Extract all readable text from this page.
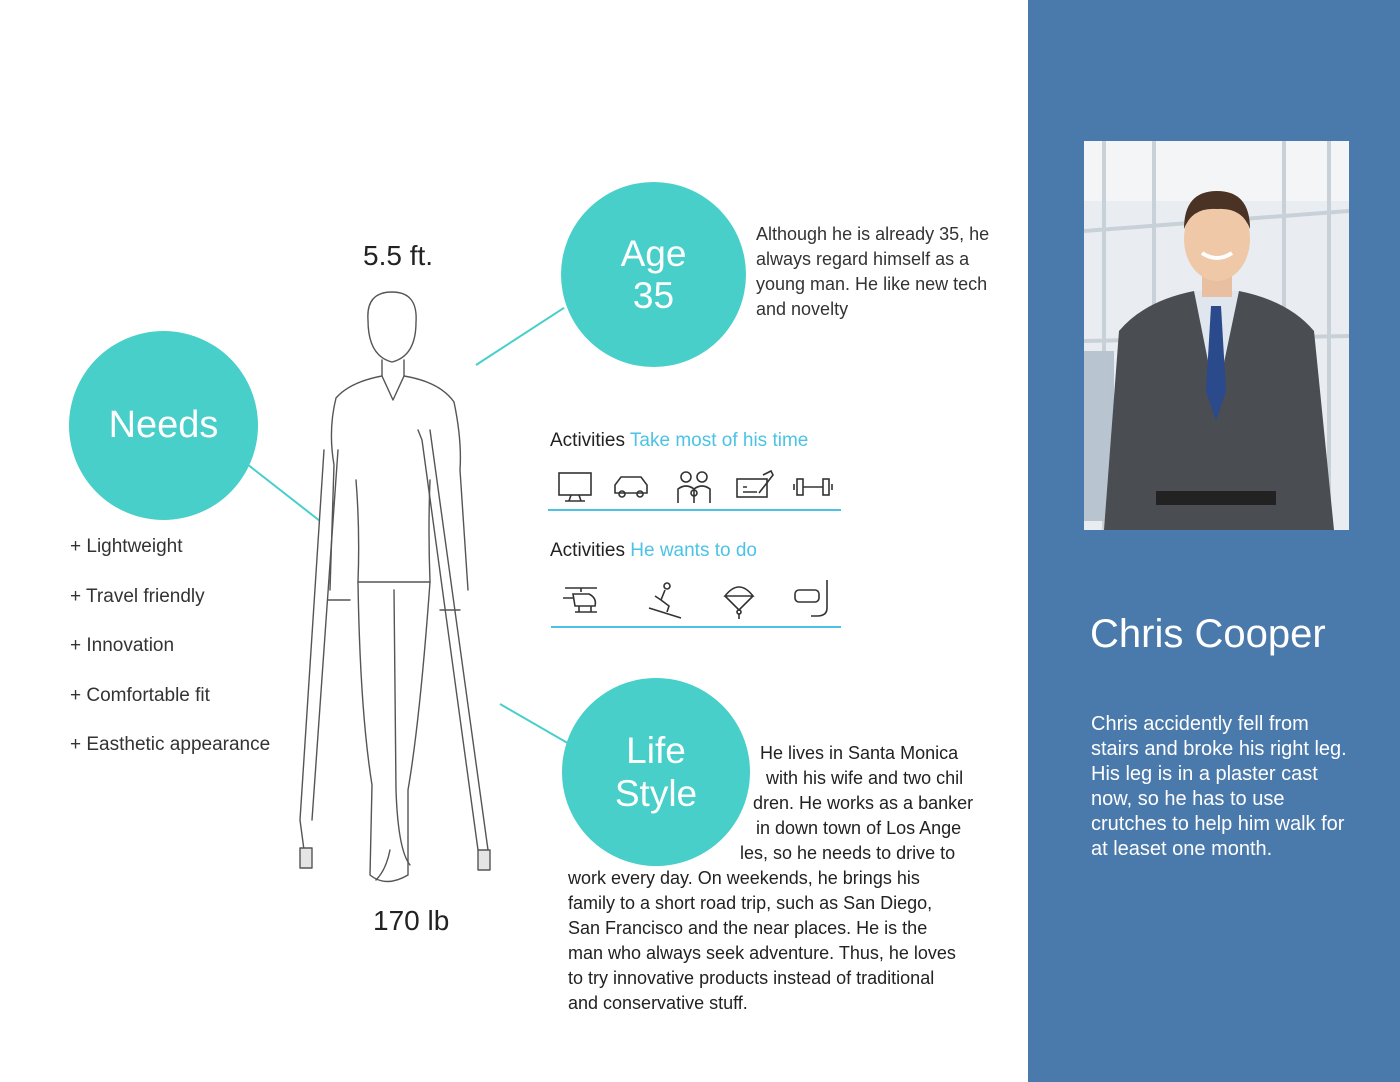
Chris Cooper
Chris accidently fell from stairs and broke his right leg. His leg is in a plaster cast now, so he has to use crutches to help him walk for at leaset one month.
Needs
Age
35
Life
Style
Although he is already 35, he always regard himself as a young man. He like new tech and novelty
+ Lightweight
+ Travel friendly
+ Innovation
+ Comfortable fit
+ Easthetic appearance
5.5 ft.
170 lb
Activities Take most of his time
Activities He wants to do
He lives in Santa Monica
with his wife and two chil
dren. He works as a banker
in down town of Los Ange
les, so he needs to drive to
work every day. On weekends, he brings his
family to a short road trip, such as San Diego,
San Francisco and the near places. He is the
man who always seek adventure. Thus, he loves
to try innovative products instead of traditional
and conservative stuff.
